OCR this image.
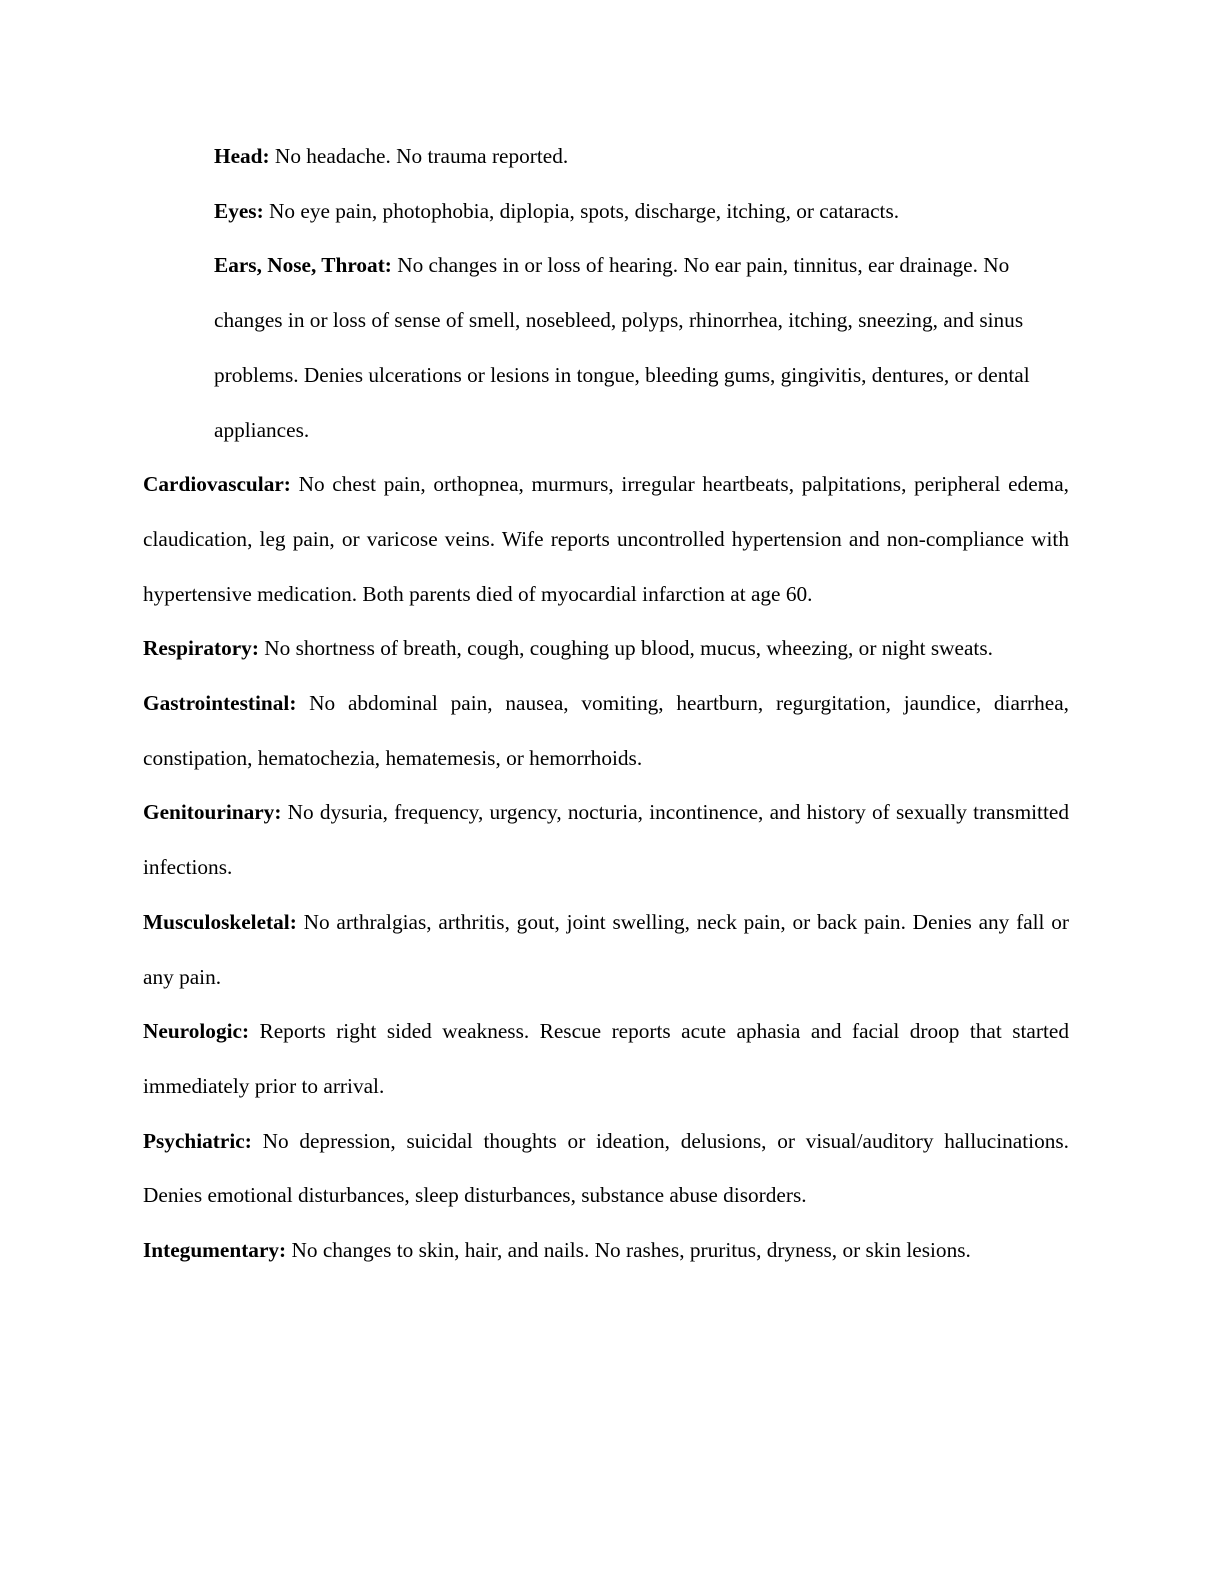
Head: No headache. No trauma reported.

Eyes: No eye pain, photophobia, diplopia, spots, discharge, itching, or cataracts.

Ears, Nose, Throat: No changes in or loss of hearing. No ear pain, tinnitus, ear drainage. No changes in or loss of sense of smell, nosebleed, polyps, rhinorrhea, itching, sneezing, and sinus problems. Denies ulcerations or lesions in tongue, bleeding gums, gingivitis, dentures, or dental appliances.

Cardiovascular: No chest pain, orthopnea, murmurs, irregular heartbeats, palpitations, peripheral edema, claudication, leg pain, or varicose veins. Wife reports uncontrolled hypertension and non-compliance with hypertensive medication. Both parents died of myocardial infarction at age 60.

Respiratory: No shortness of breath, cough, coughing up blood, mucus, wheezing, or night sweats.

Gastrointestinal: No abdominal pain, nausea, vomiting, heartburn, regurgitation, jaundice, diarrhea, constipation, hematochezia, hematemesis, or hemorrhoids.

Genitourinary: No dysuria, frequency, urgency, nocturia, incontinence, and history of sexually transmitted infections.

Musculoskeletal: No arthralgias, arthritis, gout, joint swelling, neck pain, or back pain. Denies any fall or any pain.

Neurologic: Reports right sided weakness. Rescue reports acute aphasia and facial droop that started immediately prior to arrival.

Psychiatric: No depression, suicidal thoughts or ideation, delusions, or visual/auditory hallucinations. Denies emotional disturbances, sleep disturbances, substance abuse disorders.

Integumentary: No changes to skin, hair, and nails. No rashes, pruritus, dryness, or skin lesions.
